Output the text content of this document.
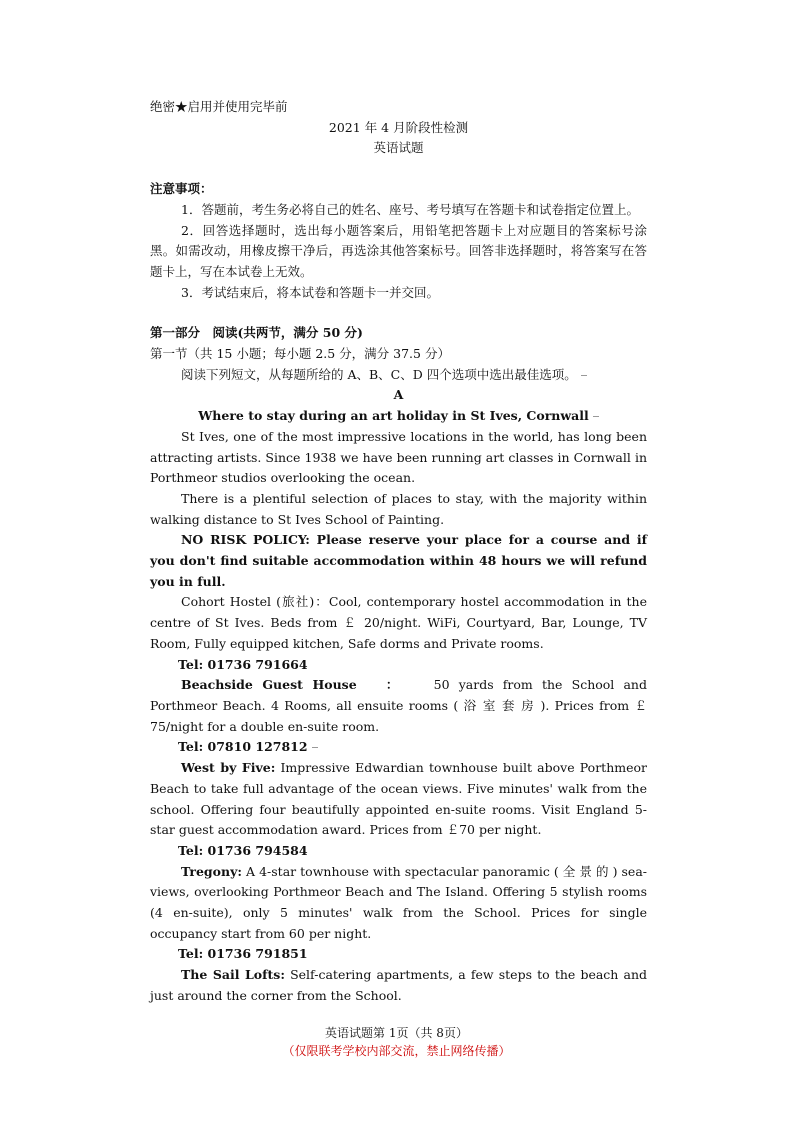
绝密★启用并使用完毕前
2021 年 4 月阶段性检测
英语试题
注意事项：
1．答题前，考生务必将自己的姓名、座号、考号填写在答题卡和试卷指定位置上。
2．回答选择题时，选出每小题答案后，用铅笔把答题卡上对应题目的答案标号涂黑。如需改动，用橡皮擦干净后，再选涂其他答案标号。回答非选择题时，将答案写在答题卡上，写在本试卷上无效。
3．考试结束后，将本试卷和答题卡一并交回。
第一部分　阅读(共两节，满分 50 分)
第一节（共 15 小题；每小题 2.5 分，满分 37.5 分）
阅读下列短文，从每题所给的 A、B、C、D 四个选项中选出最佳选项。
A
Where to stay during an art holiday in St Ives, Cornwall
St Ives, one of the most impressive locations in the world, has long been attracting artists. Since 1938 we have been running art classes in Cornwall in Porthmeor studios overlooking the ocean.
There is a plentiful selection of places to stay, with the majority within walking distance to St Ives School of Painting.
NO RISK POLICY: Please reserve your place for a course and if you don't find suitable accommodation within 48 hours we will refund you in full.
Cohort Hostel (旅社)：Cool, contemporary hostel accommodation in the centre of St Ives. Beds from ￡ 20/night. WiFi, Courtyard, Bar, Lounge, TV Room, Fully equipped kitchen, Safe dorms and Private rooms.
Tel: 01736 791664
Beachside Guest House ： 50 yards from the School and Porthmeor Beach. 4 Rooms, all ensuite rooms ( 浴 室 套 房 ). Prices from ￡ 75/night for a double en-suite room.
Tel: 07810 127812
West by Five: Impressive Edwardian townhouse built above Porthmeor Beach to take full advantage of the ocean views. Five minutes' walk from the school. Offering four beautifully appointed en-suite rooms. Visit England 5-star guest accommodation award. Prices from ￡70 per night.
Tel: 01736 794584
Tregony: A 4-star townhouse with spectacular panoramic ( 全 景 的 ) sea-views, overlooking Porthmeor Beach and The Island. Offering 5 stylish rooms (4 en-suite), only 5 minutes' walk from the School. Prices for single occupancy start from 60 per night.
Tel: 01736 791851
The Sail Lofts: Self-catering apartments, a few steps to the beach and just around the corner from the School.
英语试题第 1页（共 8页）
（仅限联考学校内部交流，禁止网络传播）
